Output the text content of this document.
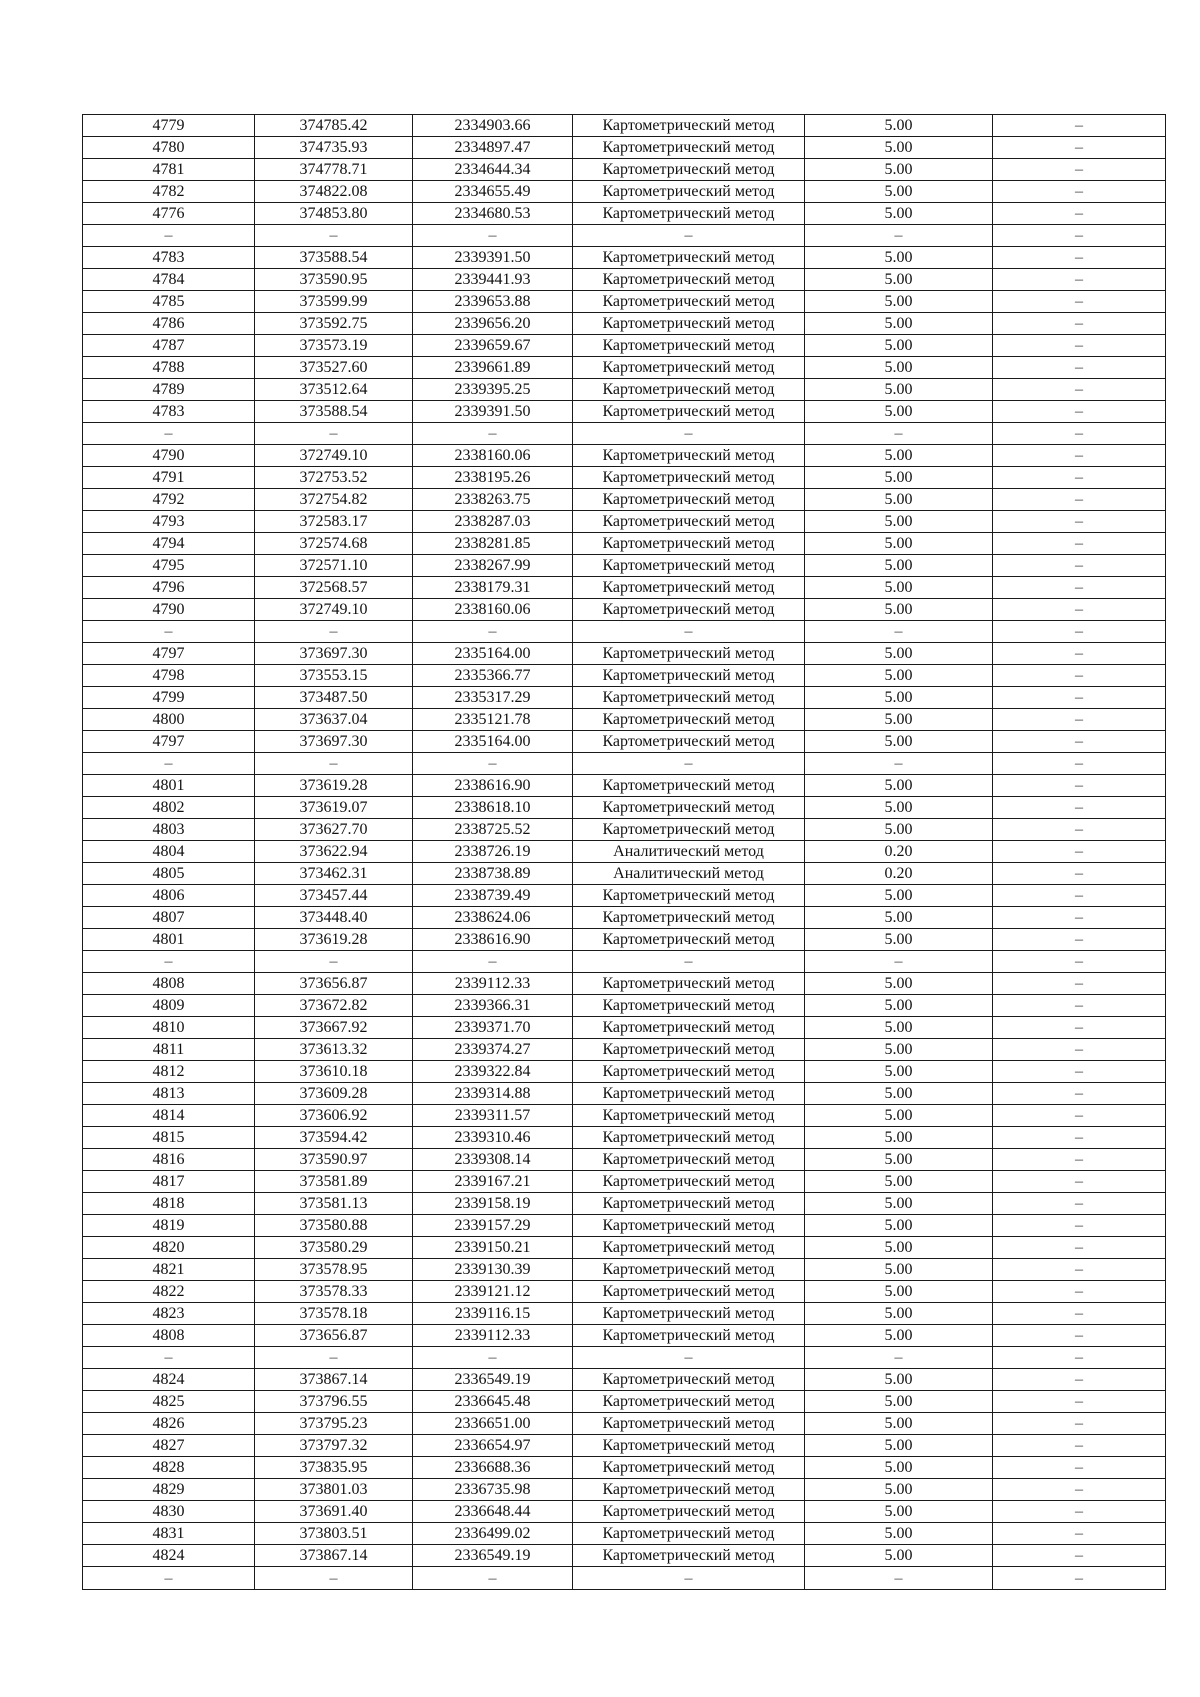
4779	374785.42	2334903.66	Картометрический метод	5.00	–
4780	374735.93	2334897.47	Картометрический метод	5.00	–
4781	374778.71	2334644.34	Картометрический метод	5.00	–
4782	374822.08	2334655.49	Картометрический метод	5.00	–
4776	374853.80	2334680.53	Картометрический метод	5.00	–
–	–	–	–	–	–
4783	373588.54	2339391.50	Картометрический метод	5.00	–
4784	373590.95	2339441.93	Картометрический метод	5.00	–
4785	373599.99	2339653.88	Картометрический метод	5.00	–
4786	373592.75	2339656.20	Картометрический метод	5.00	–
4787	373573.19	2339659.67	Картометрический метод	5.00	–
4788	373527.60	2339661.89	Картометрический метод	5.00	–
4789	373512.64	2339395.25	Картометрический метод	5.00	–
4783	373588.54	2339391.50	Картометрический метод	5.00	–
–	–	–	–	–	–
4790	372749.10	2338160.06	Картометрический метод	5.00	–
4791	372753.52	2338195.26	Картометрический метод	5.00	–
4792	372754.82	2338263.75	Картометрический метод	5.00	–
4793	372583.17	2338287.03	Картометрический метод	5.00	–
4794	372574.68	2338281.85	Картометрический метод	5.00	–
4795	372571.10	2338267.99	Картометрический метод	5.00	–
4796	372568.57	2338179.31	Картометрический метод	5.00	–
4790	372749.10	2338160.06	Картометрический метод	5.00	–
–	–	–	–	–	–
4797	373697.30	2335164.00	Картометрический метод	5.00	–
4798	373553.15	2335366.77	Картометрический метод	5.00	–
4799	373487.50	2335317.29	Картометрический метод	5.00	–
4800	373637.04	2335121.78	Картометрический метод	5.00	–
4797	373697.30	2335164.00	Картометрический метод	5.00	–
–	–	–	–	–	–
4801	373619.28	2338616.90	Картометрический метод	5.00	–
4802	373619.07	2338618.10	Картометрический метод	5.00	–
4803	373627.70	2338725.52	Картометрический метод	5.00	–
4804	373622.94	2338726.19	Аналитический метод	0.20	–
4805	373462.31	2338738.89	Аналитический метод	0.20	–
4806	373457.44	2338739.49	Картометрический метод	5.00	–
4807	373448.40	2338624.06	Картометрический метод	5.00	–
4801	373619.28	2338616.90	Картометрический метод	5.00	–
–	–	–	–	–	–
4808	373656.87	2339112.33	Картометрический метод	5.00	–
4809	373672.82	2339366.31	Картометрический метод	5.00	–
4810	373667.92	2339371.70	Картометрический метод	5.00	–
4811	373613.32	2339374.27	Картометрический метод	5.00	–
4812	373610.18	2339322.84	Картометрический метод	5.00	–
4813	373609.28	2339314.88	Картометрический метод	5.00	–
4814	373606.92	2339311.57	Картометрический метод	5.00	–
4815	373594.42	2339310.46	Картометрический метод	5.00	–
4816	373590.97	2339308.14	Картометрический метод	5.00	–
4817	373581.89	2339167.21	Картометрический метод	5.00	–
4818	373581.13	2339158.19	Картометрический метод	5.00	–
4819	373580.88	2339157.29	Картометрический метод	5.00	–
4820	373580.29	2339150.21	Картометрический метод	5.00	–
4821	373578.95	2339130.39	Картометрический метод	5.00	–
4822	373578.33	2339121.12	Картометрический метод	5.00	–
4823	373578.18	2339116.15	Картометрический метод	5.00	–
4808	373656.87	2339112.33	Картометрический метод	5.00	–
–	–	–	–	–	–
4824	373867.14	2336549.19	Картометрический метод	5.00	–
4825	373796.55	2336645.48	Картометрический метод	5.00	–
4826	373795.23	2336651.00	Картометрический метод	5.00	–
4827	373797.32	2336654.97	Картометрический метод	5.00	–
4828	373835.95	2336688.36	Картометрический метод	5.00	–
4829	373801.03	2336735.98	Картометрический метод	5.00	–
4830	373691.40	2336648.44	Картометрический метод	5.00	–
4831	373803.51	2336499.02	Картометрический метод	5.00	–
4824	373867.14	2336549.19	Картометрический метод	5.00	–
–	–	–	–	–	–
